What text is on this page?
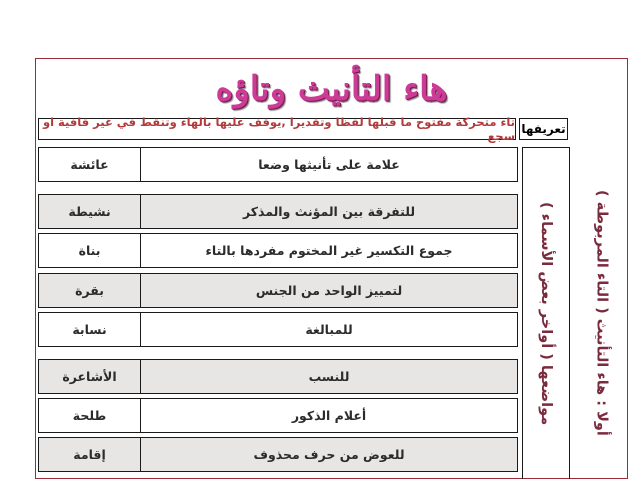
هاء التأنيث وتاؤه
تعريفها
تاء متحركة مفتوح ما قبلها لفظا وتقديرا ,يوقف عليها بالهاء وتنقط في غير قافية او سجع
أولا : هاء التأنيث ( التاء المربوطة )
مواضعها ( أواخر بعض الأسماء )
علامة على تأنيثها وضعا
عائشة
للتفرقة بين المؤنث والمذكر
نشيطة
جموع التكسير غير المختوم مفردها بالتاء
بناة
لتمييز الواحد من الجنس
بقرة
للمبالغة
نسابة
للنسب
الأشاعرة
أعلام الذكور
طلحة
للعوض من حرف محذوف
إقامة
